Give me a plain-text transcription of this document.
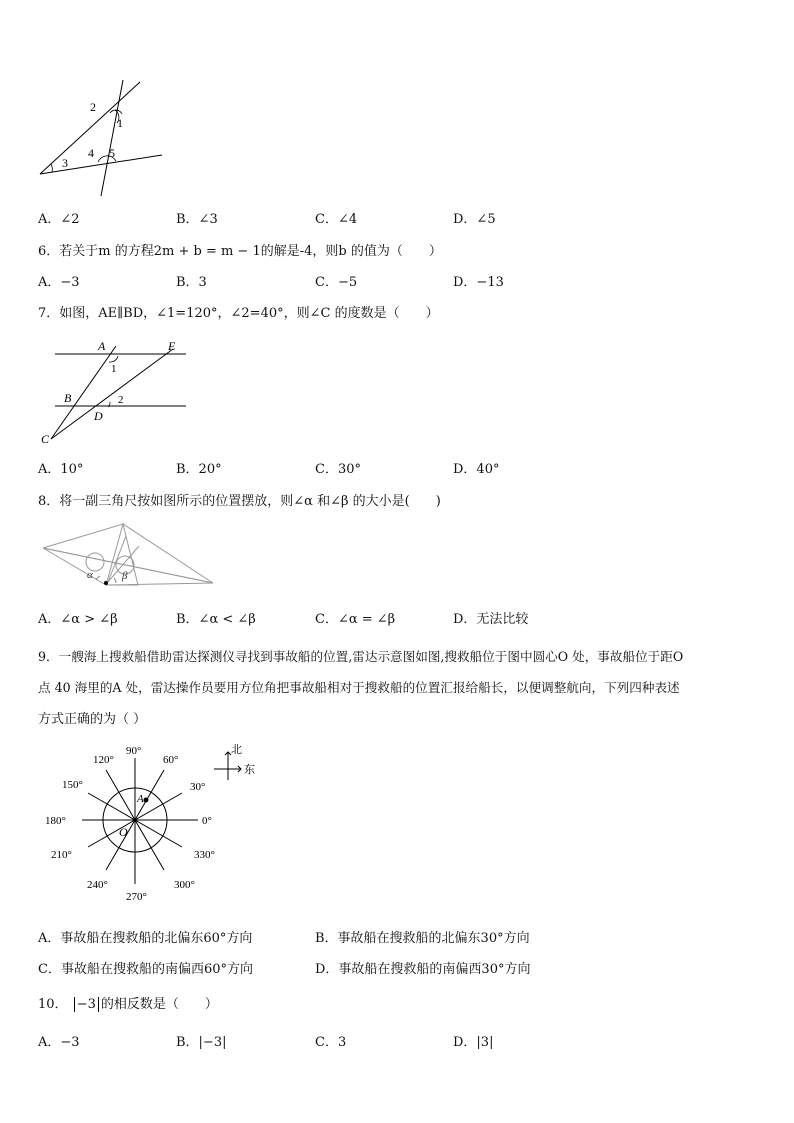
2
1
3
4 5
A．∠2	B．∠3	C．∠4	D．∠5
6．若关于m 的方程2m + b = m − 1的解是-4，则b 的值为（　　）
A．−3	B．3	C．−5	D．−13
7．如图，AE∥BD，∠1=120°，∠2=40°，则∠C 的度数是（　　）
A	E
1
B	2
D
C
A．10°	B．20°	C．30°	D．40°
8．将一副三角尺按如图所示的位置摆放，则∠α 和∠β 的大小是(　　)
α	β
A．∠α > ∠β	B．∠α < ∠β	C．∠α = ∠β	D．无法比较
9．一艘海上搜救船借助雷达探测仪寻找到事故船的位置,雷达示意图如图,搜救船位于图中圆心O 处，事故船位于距O
点 40 海里的A 处，雷达操作员要用方位角把事故船相对于搜救船的位置汇报给船长，以便调整航向，下列四种表述
方式正确的为（ ）
90°
60°
120°
30°
150°
180°	0°
210°	330°
240°	300°
270°
A
O
北
东
A．事故船在搜救船的北偏东60°方向	B．事故船在搜救船的北偏东30°方向
C．事故船在搜救船的南偏西60°方向	D．事故船在搜救船的南偏西30°方向
10． −3 的相反数是（　　）
A．−3	B．|−3|	C．3	D．|3|
